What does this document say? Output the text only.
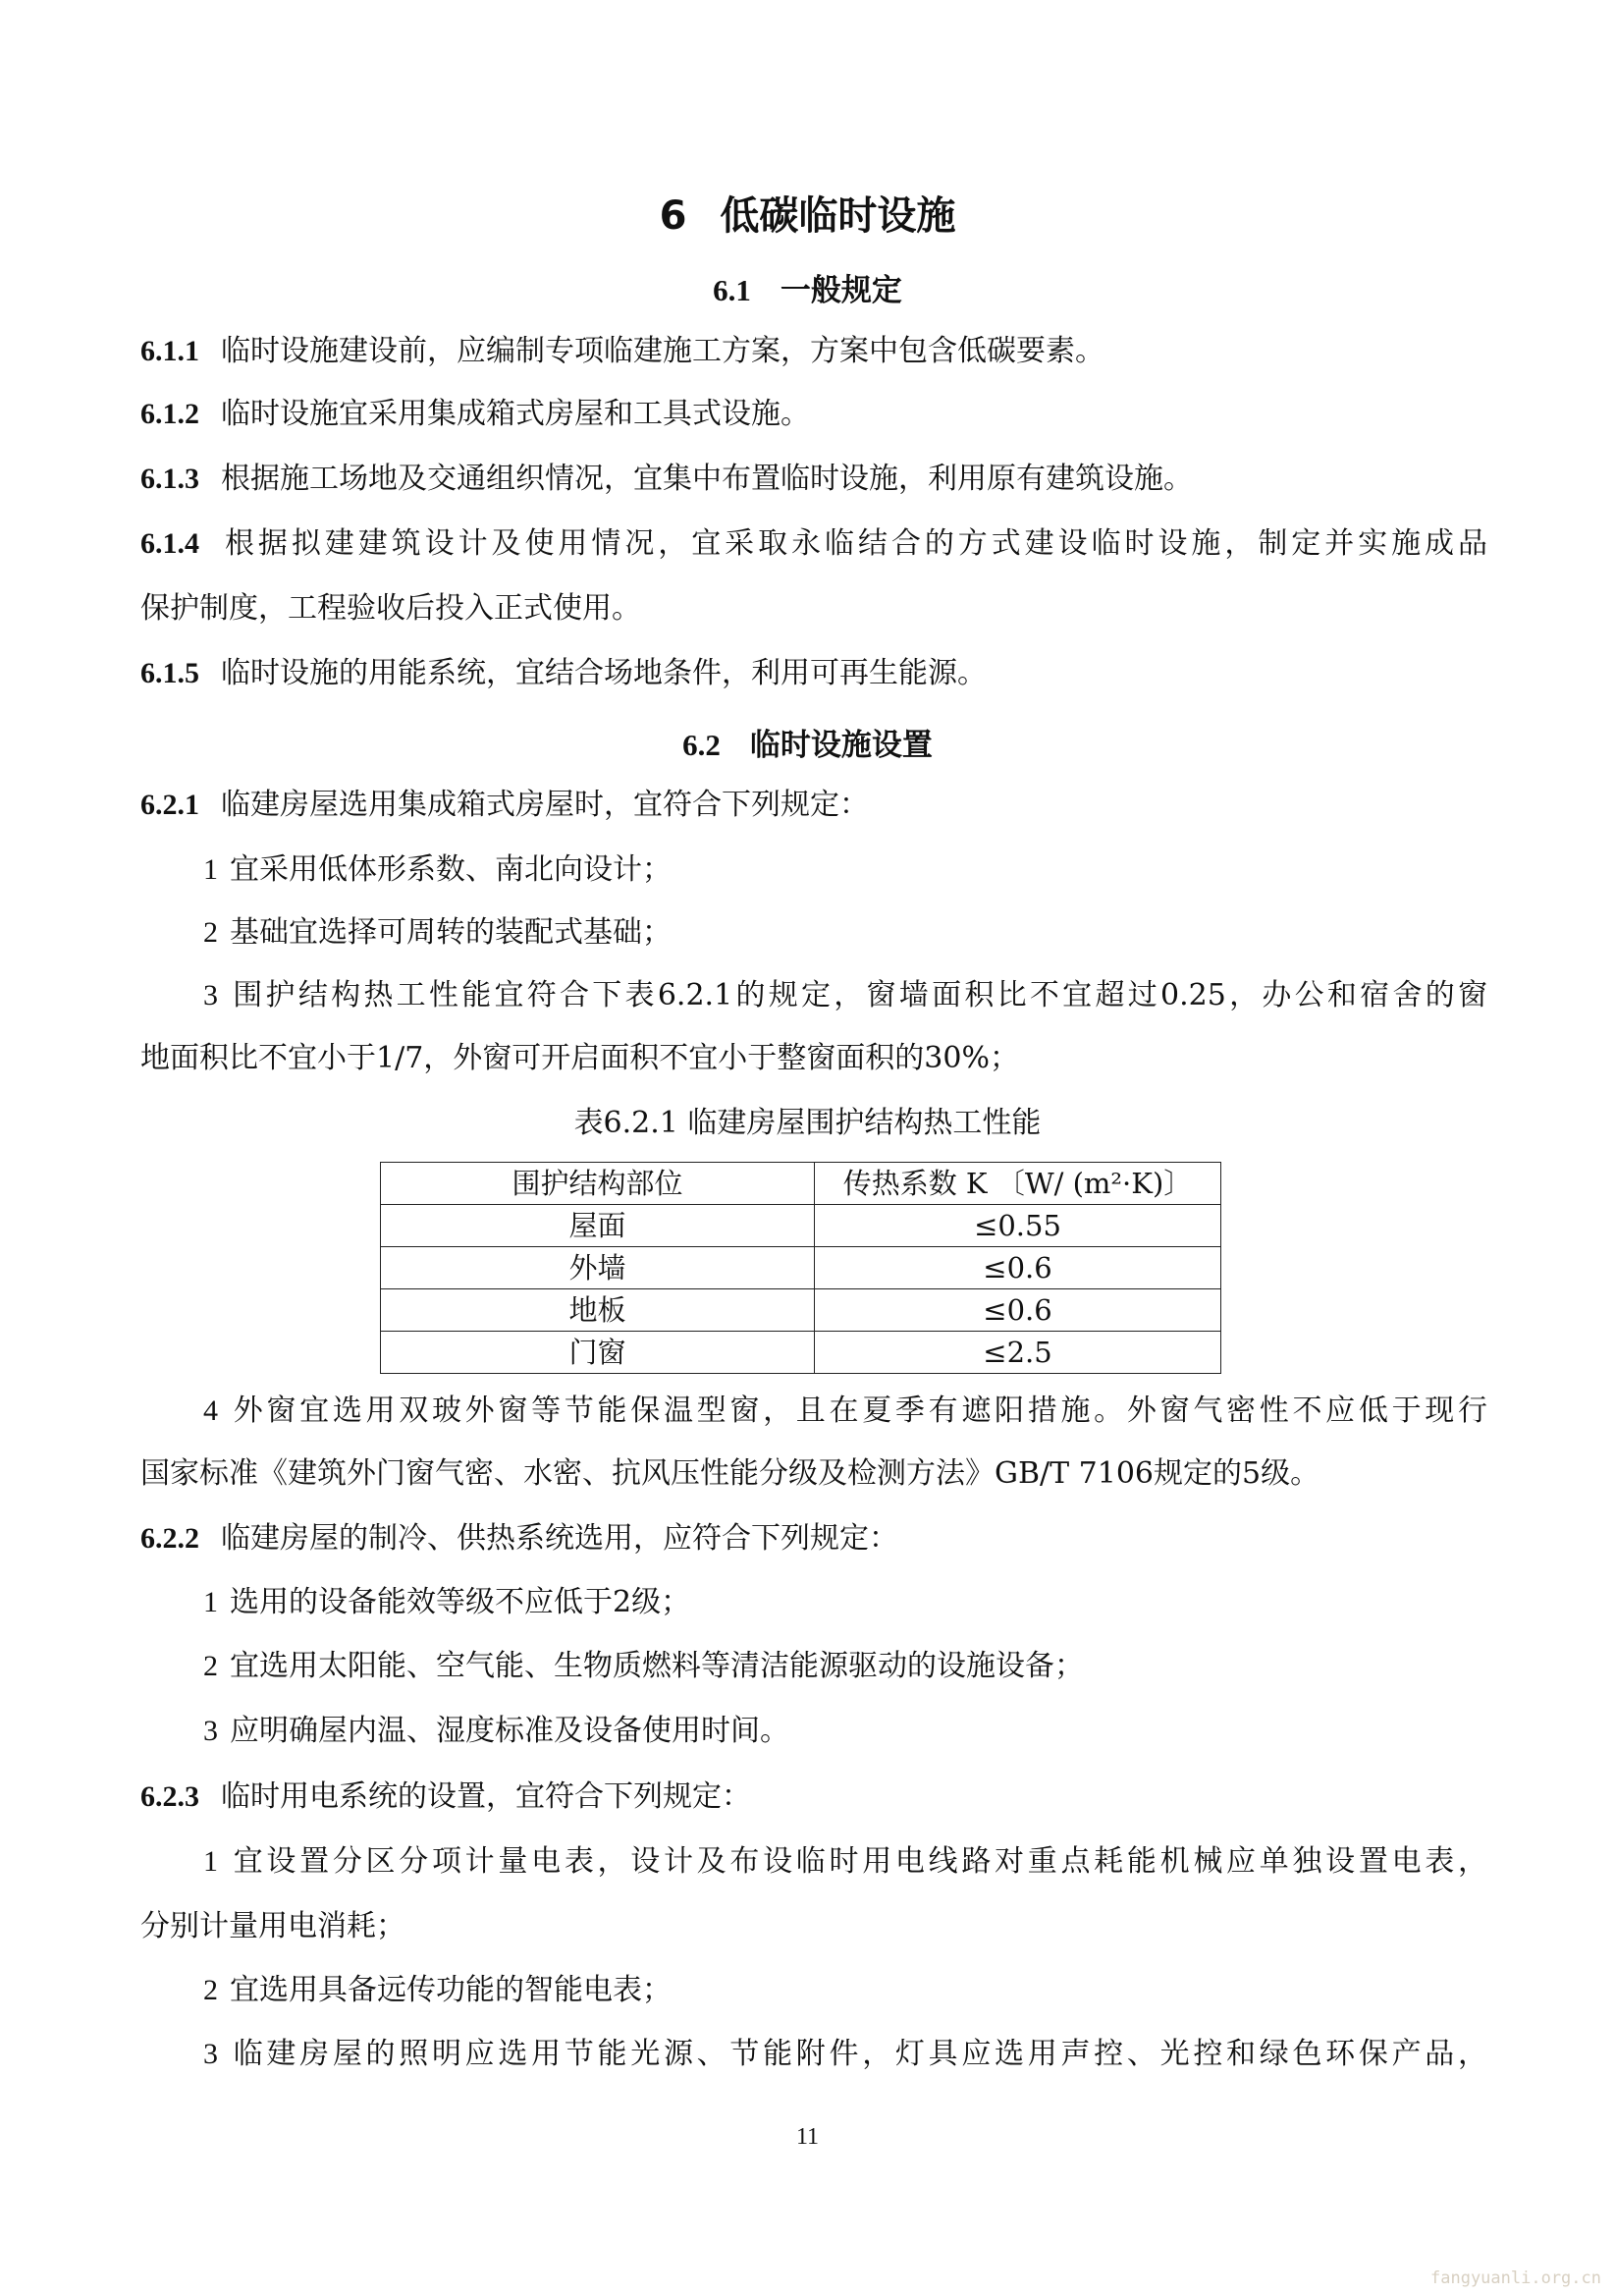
6 低碳临时设施
6.1 一般规定
6.1.1 临时设施建设前，应编制专项临建施工方案，方案中包含低碳要素。
6.1.2 临时设施宜采用集成箱式房屋和工具式设施。
6.1.3 根据施工场地及交通组织情况，宜集中布置临时设施，利用原有建筑设施。
6.1.4 根据拟建建筑设计及使用情况，宜采取永临结合的方式建设临时设施，制定并实施成品
保护制度，工程验收后投入正式使用。
6.1.5 临时设施的用能系统，宜结合场地条件，利用可再生能源。
6.2 临时设施设置
6.2.1 临建房屋选用集成箱式房屋时，宜符合下列规定：
1 宜采用低体形系数、南北向设计；
2 基础宜选择可周转的装配式基础；
3 围护结构热工性能宜符合下表6.2.1的规定，窗墙面积比不宜超过0.25，办公和宿舍的窗
地面积比不宜小于1/7，外窗可开启面积不宜小于整窗面积的30%；
表6.2.1 临建房屋围护结构热工性能
围护结构部位	传热系数 K 〔W/ (m²·K)〕
屋面	≤0.55
外墙	≤0.6
地板	≤0.6
门窗	≤2.5
4 外窗宜选用双玻外窗等节能保温型窗，且在夏季有遮阳措施。外窗气密性不应低于现行
国家标准《建筑外门窗气密、水密、抗风压性能分级及检测方法》GB/T 7106规定的5级。
6.2.2 临建房屋的制冷、供热系统选用，应符合下列规定：
1 选用的设备能效等级不应低于2级；
2 宜选用太阳能、空气能、生物质燃料等清洁能源驱动的设施设备；
3 应明确屋内温、湿度标准及设备使用时间。
6.2.3 临时用电系统的设置，宜符合下列规定：
1 宜设置分区分项计量电表，设计及布设临时用电线路对重点耗能机械应单独设置电表，
分别计量用电消耗；
2 宜选用具备远传功能的智能电表；
3 临建房屋的照明应选用节能光源、节能附件，灯具应选用声控、光控和绿色环保产品，
11
fangyuanli.org.cn
